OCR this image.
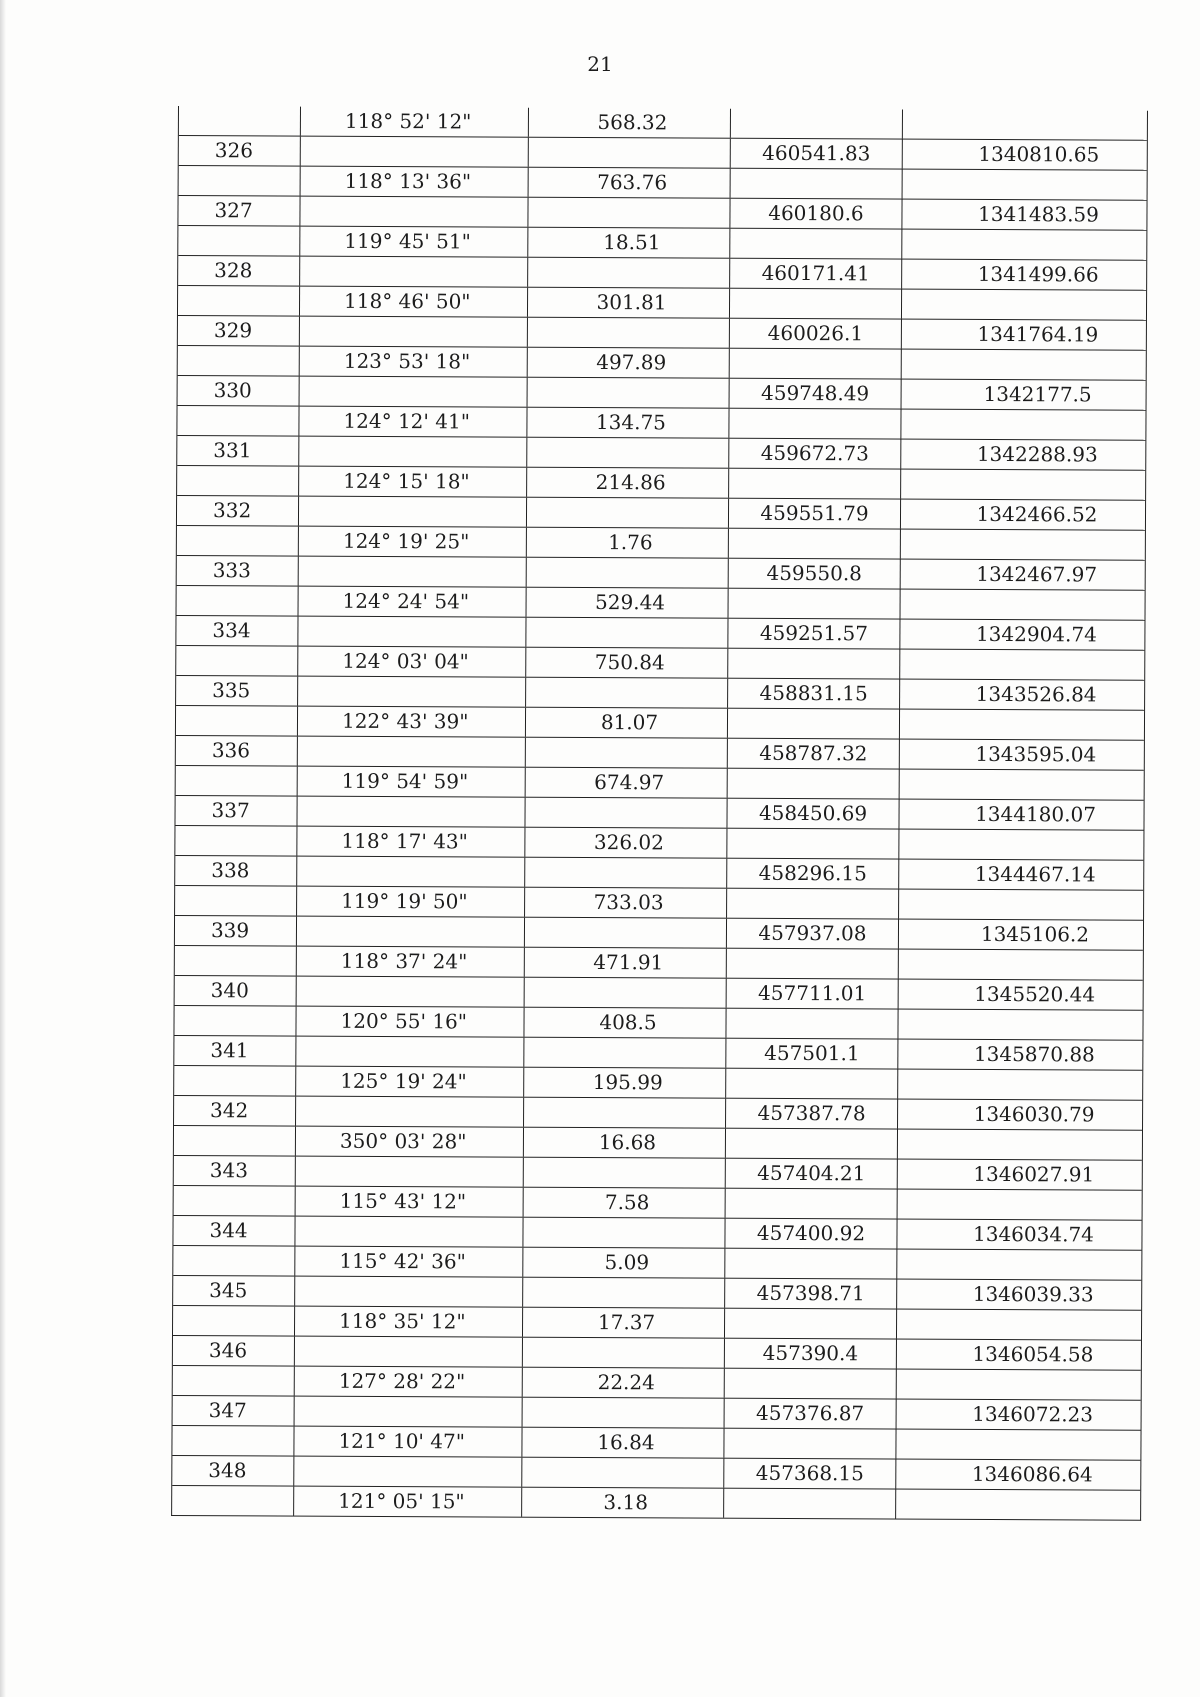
21
118° 52' 12"	568.32
326	460541.83	1340810.65
118° 13' 36"	763.76
327	460180.6	1341483.59
119° 45' 51"	18.51
328	460171.41	1341499.66
118° 46' 50"	301.81
329	460026.1	1341764.19
123° 53' 18"	497.89
330	459748.49	1342177.5
124° 12' 41"	134.75
331	459672.73	1342288.93
124° 15' 18"	214.86
332	459551.79	1342466.52
124° 19' 25"	1.76
333	459550.8	1342467.97
124° 24' 54"	529.44
334	459251.57	1342904.74
124° 03' 04"	750.84
335	458831.15	1343526.84
122° 43' 39"	81.07
336	458787.32	1343595.04
119° 54' 59"	674.97
337	458450.69	1344180.07
118° 17' 43"	326.02
338	458296.15	1344467.14
119° 19' 50"	733.03
339	457937.08	1345106.2
118° 37' 24"	471.91
340	457711.01	1345520.44
120° 55' 16"	408.5
341	457501.1	1345870.88
125° 19' 24"	195.99
342	457387.78	1346030.79
350° 03' 28"	16.68
343	457404.21	1346027.91
115° 43' 12"	7.58
344	457400.92	1346034.74
115° 42' 36"	5.09
345	457398.71	1346039.33
118° 35' 12"	17.37
346	457390.4	1346054.58
127° 28' 22"	22.24
347	457376.87	1346072.23
121° 10' 47"	16.84
348	457368.15	1346086.64
121° 05' 15"	3.18
